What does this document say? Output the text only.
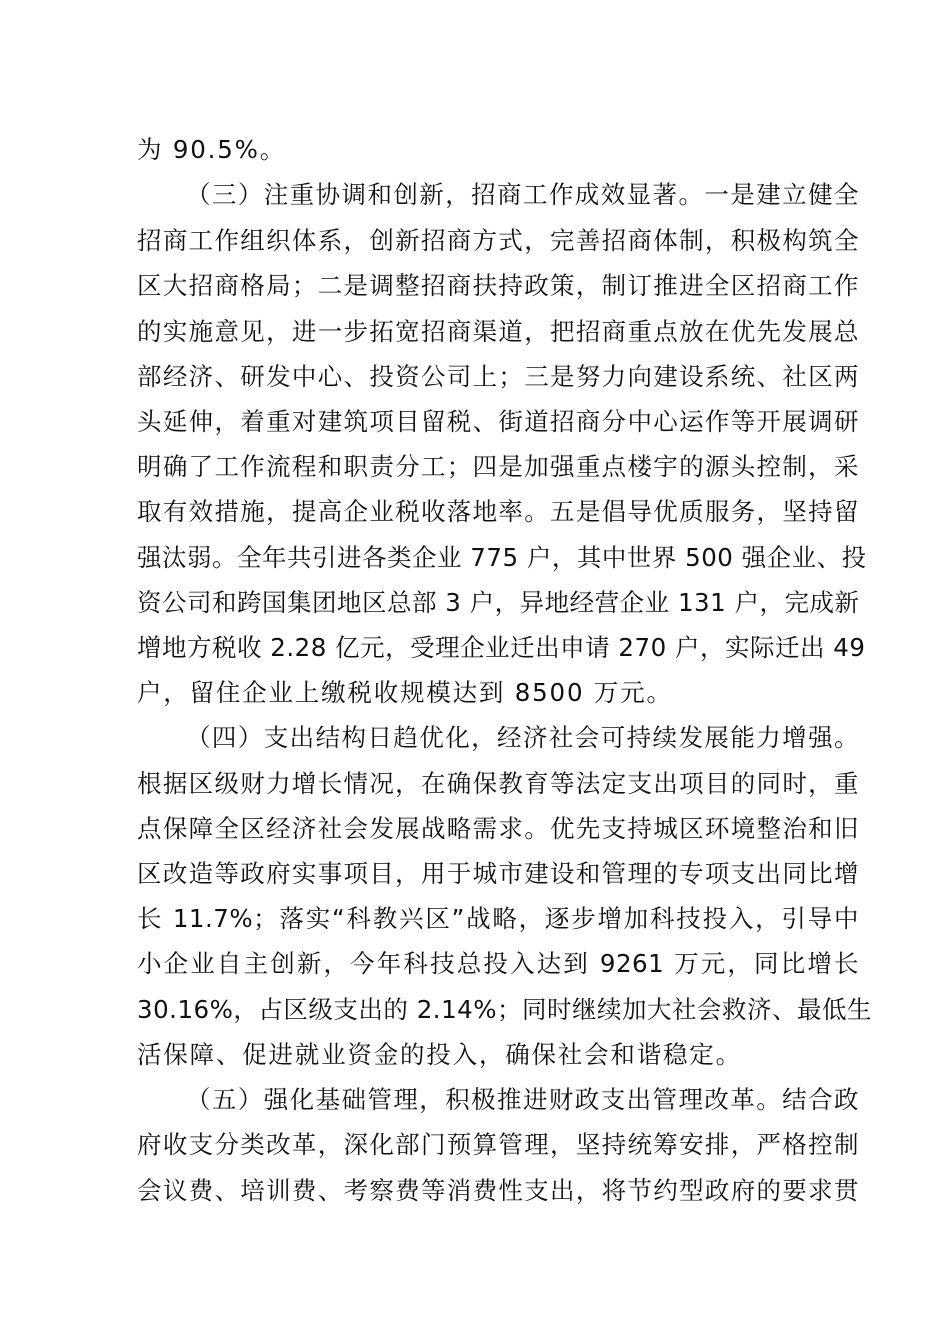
为 90.5%。
（三）注重协调和创新，招商工作成效显著。一是建立健全
招商工作组织体系，创新招商方式，完善招商体制，积极构筑全
区大招商格局；二是调整招商扶持政策，制订推进全区招商工作
的实施意见，进一步拓宽招商渠道，把招商重点放在优先发展总
部经济、研发中心、投资公司上；三是努力向建设系统、社区两
头延伸，着重对建筑项目留税、街道招商分中心运作等开展调研
明确了工作流程和职责分工；四是加强重点楼宇的源头控制，采
取有效措施，提高企业税收落地率。五是倡导优质服务，坚持留
强汰弱。全年共引进各类企业 775 户，其中世界 500 强企业、投
资公司和跨国集团地区总部 3 户，异地经营企业 131 户，完成新
增地方税收 2.28 亿元，受理企业迁出申请 270 户，实际迁出 49
户，留住企业上缴税收规模达到 8500 万元。
（四）支出结构日趋优化，经济社会可持续发展能力增强。
根据区级财力增长情况，在确保教育等法定支出项目的同时，重
点保障全区经济社会发展战略需求。优先支持城区环境整治和旧
区改造等政府实事项目，用于城市建设和管理的专项支出同比增
长 11.7%；落实“科教兴区”战略，逐步增加科技投入，引导中
小企业自主创新，今年科技总投入达到 9261 万元，同比增长
30.16%，占区级支出的 2.14%；同时继续加大社会救济、最低生
活保障、促进就业资金的投入，确保社会和谐稳定。
（五）强化基础管理，积极推进财政支出管理改革。结合政
府收支分类改革，深化部门预算管理，坚持统筹安排，严格控制
会议费、培训费、考察费等消费性支出，将节约型政府的要求贯
